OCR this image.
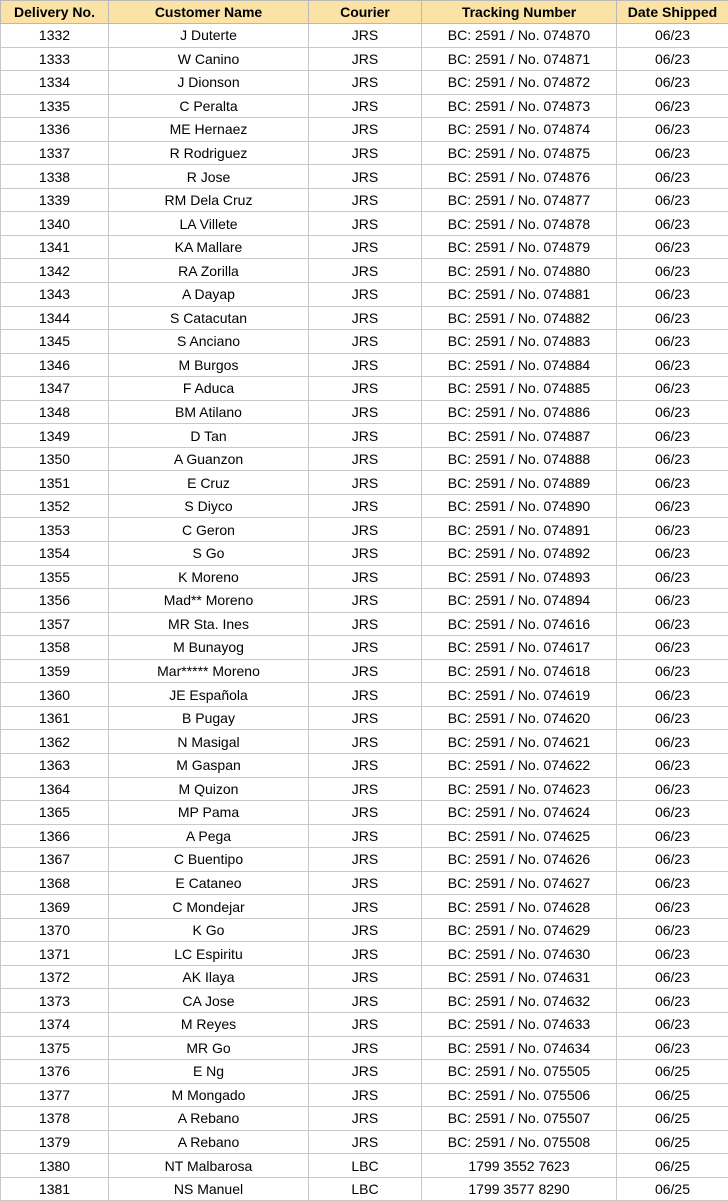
Delivery No.	Customer Name	Courier	Tracking Number	Date Shipped
1332	J Duterte	JRS	BC: 2591 / No. 074870	06/23
1333	W Canino	JRS	BC: 2591 / No. 074871	06/23
1334	J Dionson	JRS	BC: 2591 / No. 074872	06/23
1335	C Peralta	JRS	BC: 2591 / No. 074873	06/23
1336	ME Hernaez	JRS	BC: 2591 / No. 074874	06/23
1337	R Rodriguez	JRS	BC: 2591 / No. 074875	06/23
1338	R Jose	JRS	BC: 2591 / No. 074876	06/23
1339	RM Dela Cruz	JRS	BC: 2591 / No. 074877	06/23
1340	LA Villete	JRS	BC: 2591 / No. 074878	06/23
1341	KA Mallare	JRS	BC: 2591 / No. 074879	06/23
1342	RA Zorilla	JRS	BC: 2591 / No. 074880	06/23
1343	A Dayap	JRS	BC: 2591 / No. 074881	06/23
1344	S Catacutan	JRS	BC: 2591 / No. 074882	06/23
1345	S Anciano	JRS	BC: 2591 / No. 074883	06/23
1346	M Burgos	JRS	BC: 2591 / No. 074884	06/23
1347	F Aduca	JRS	BC: 2591 / No. 074885	06/23
1348	BM Atilano	JRS	BC: 2591 / No. 074886	06/23
1349	D Tan	JRS	BC: 2591 / No. 074887	06/23
1350	A Guanzon	JRS	BC: 2591 / No. 074888	06/23
1351	E Cruz	JRS	BC: 2591 / No. 074889	06/23
1352	S Diyco	JRS	BC: 2591 / No. 074890	06/23
1353	C Geron	JRS	BC: 2591 / No. 074891	06/23
1354	S Go	JRS	BC: 2591 / No. 074892	06/23
1355	K Moreno	JRS	BC: 2591 / No. 074893	06/23
1356	Mad** Moreno	JRS	BC: 2591 / No. 074894	06/23
1357	MR Sta. Ines	JRS	BC: 2591 / No. 074616	06/23
1358	M Bunayog	JRS	BC: 2591 / No. 074617	06/23
1359	Mar***** Moreno	JRS	BC: 2591 / No. 074618	06/23
1360	JE Española	JRS	BC: 2591 / No. 074619	06/23
1361	B Pugay	JRS	BC: 2591 / No. 074620	06/23
1362	N Masigal	JRS	BC: 2591 / No. 074621	06/23
1363	M Gaspan	JRS	BC: 2591 / No. 074622	06/23
1364	M Quizon	JRS	BC: 2591 / No. 074623	06/23
1365	MP Pama	JRS	BC: 2591 / No. 074624	06/23
1366	A Pega	JRS	BC: 2591 / No. 074625	06/23
1367	C Buentipo	JRS	BC: 2591 / No. 074626	06/23
1368	E Cataneo	JRS	BC: 2591 / No. 074627	06/23
1369	C Mondejar	JRS	BC: 2591 / No. 074628	06/23
1370	K Go	JRS	BC: 2591 / No. 074629	06/23
1371	LC Espiritu	JRS	BC: 2591 / No. 074630	06/23
1372	AK Ilaya	JRS	BC: 2591 / No. 074631	06/23
1373	CA Jose	JRS	BC: 2591 / No. 074632	06/23
1374	M Reyes	JRS	BC: 2591 / No. 074633	06/23
1375	MR Go	JRS	BC: 2591 / No. 074634	06/23
1376	E Ng	JRS	BC: 2591 / No. 075505	06/25
1377	M Mongado	JRS	BC: 2591 / No. 075506	06/25
1378	A Rebano	JRS	BC: 2591 / No. 075507	06/25
1379	A Rebano	JRS	BC: 2591 / No. 075508	06/25
1380	NT Malbarosa	LBC	1799 3552 7623	06/25
1381	NS Manuel	LBC	1799 3577 8290	06/25
